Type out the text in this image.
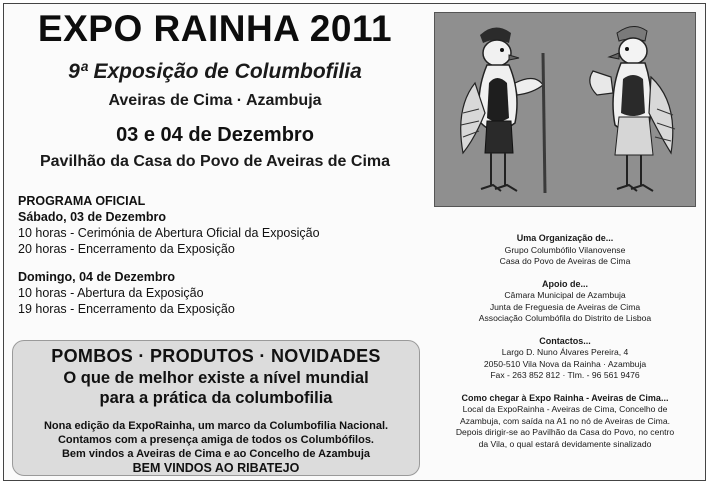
EXPO RAINHA 2011
9ª Exposição de Columbofilia
Aveiras de Cima · Azambuja
03 e 04 de Dezembro
Pavilhão da Casa do Povo de Aveiras de Cima
PROGRAMA OFICIAL
Sábado, 03 de Dezembro
10 horas - Cerimónia de Abertura Oficial da Exposição
20 horas - Encerramento da Exposição
Domingo, 04 de Dezembro
10 horas - Abertura da Exposição
19 horas - Encerramento da Exposição
POMBOS · PRODUTOS · NOVIDADES
O que de melhor existe a nível mundial
para a prática da columbofilia
Nona edição da ExpoRainha, um marco da Columbofilia Nacional.
Contamos com a presença amiga de todos os Columbófilos.
Bem vindos a Aveiras de Cima e ao Concelho de Azambuja
BEM VINDOS AO RIBATEJO
Uma Organização de...
Grupo Columbófilo Vilanovense
Casa do Povo de Aveiras de Cima
Apoio de...
Câmara Municipal de Azambuja
Junta de Freguesia de Aveiras de Cima
Associação Columbófila do Distrito de Lisboa
Contactos...
Largo D. Nuno Álvares Pereira, 4
2050-510 Vila Nova da Rainha · Azambuja
Fax - 263 852 812 · Tlm. - 96 561 9476
Como chegar à Expo Rainha - Aveiras de Cima...
Local da ExpoRainha - Aveiras de Cima, Concelho de
Azambuja, com saída na A1 no nó de Aveiras de Cima.
Depois dirigir-se ao Pavilhão da Casa do Povo, no centro
da Vila, o qual estará devidamente sinalizado
